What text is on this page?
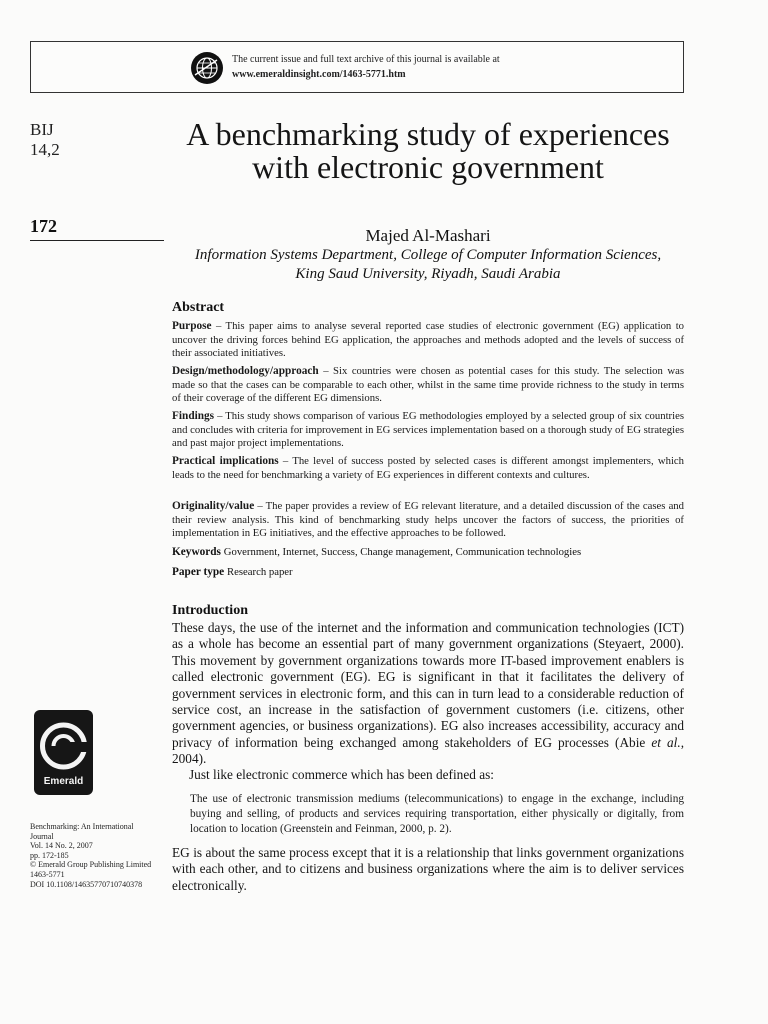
The current issue and full text archive of this journal is available at
www.emeraldinsight.com/1463-5771.htm
BIJ
14,2
172
A benchmarking study of experiences with electronic government
Majed Al-Mashari
Information Systems Department, College of Computer Information Sciences,
King Saud University, Riyadh, Saudi Arabia
Abstract
Purpose – This paper aims to analyse several reported case studies of electronic government (EG) application to uncover the driving forces behind EG application, the approaches and methods adopted and the levels of success of their associated initiatives.
Design/methodology/approach – Six countries were chosen as potential cases for this study. The selection was made so that the cases can be comparable to each other, whilst in the same time provide richness to the study in terms of their coverage of the different EG dimensions.
Findings – This study shows comparison of various EG methodologies employed by a selected group of six countries and concludes with criteria for improvement in EG services implementation based on a thorough study of EG strategies and past major project implementations.
Practical implications – The level of success posted by selected cases is different amongst implementers, which leads to the need for benchmarking a variety of EG experiences in different contexts and cultures.
Originality/value – The paper provides a review of EG relevant literature, and a detailed discussion of the cases and their review analysis. This kind of benchmarking study helps uncover the factors of success, the priorities of implementation in EG initiatives, and the effective approaches to be followed.
Keywords Government, Internet, Success, Change management, Communication technologies
Paper type Research paper
Introduction
These days, the use of the internet and the information and communication technologies (ICT) as a whole has become an essential part of many government organizations (Steyaert, 2000). This movement by government organizations towards more IT-based improvement enablers is called electronic government (EG). EG is significant in that it facilitates the delivery of government services in electronic form, and this can in turn lead to a considerable reduction of service cost, an increase in the satisfaction of government customers (i.e. citizens, other government agencies, or business organizations). EG also increases accessibility, accuracy and privacy of information being exchanged among stakeholders of EG processes (Abie et al., 2004).
Just like electronic commerce which has been defined as:
The use of electronic transmission mediums (telecommunications) to engage in the exchange, including buying and selling, of products and services requiring transportation, either physically or digitally, from location to location (Greenstein and Feinman, 2000, p. 2).
EG is about the same process except that it is a relationship that links government organizations with each other, and to citizens and business organizations where the aim is to deliver services electronically.
Emerald
Benchmarking: An International
Journal
Vol. 14 No. 2, 2007
pp. 172-185
© Emerald Group Publishing Limited
1463-5771
DOI 10.1108/14635770710740378
